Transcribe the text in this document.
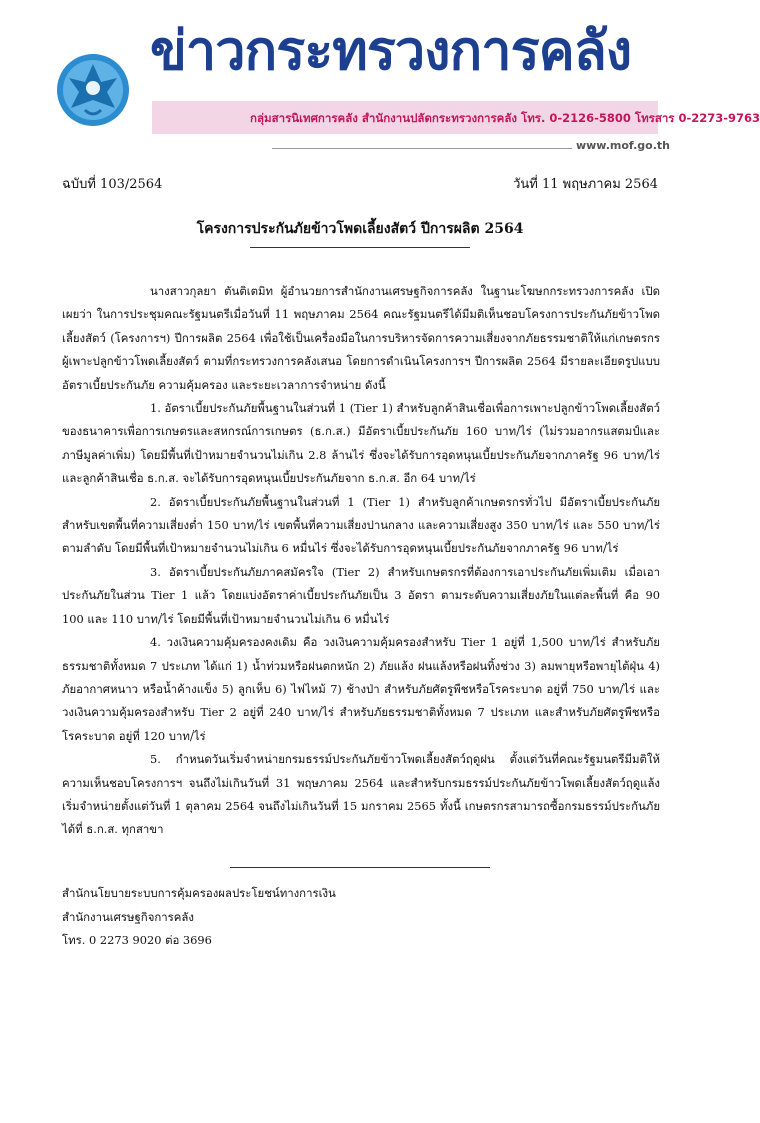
ข่าวกระทรวงการคลัง
กลุ่มสารนิเทศการคลัง สำนักงานปลัดกระทรวงการคลัง โทร. 0-2126-5800 โทรสาร 0-2273-9763
www.mof.go.th
ฉบับที่ 103/2564	วันที่ 11 พฤษภาคม 2564
โครงการประกันภัยข้าวโพดเลี้ยงสัตว์ ปีการผลิต 2564

นางสาวกุลยา ตันติเตมิท ผู้อำนวยการสำนักงานเศรษฐกิจการคลัง ในฐานะโฆษกกระทรวงการคลัง เปิดเผยว่า ในการประชุมคณะรัฐมนตรีเมื่อวันที่ 11 พฤษภาคม 2564 คณะรัฐมนตรีได้มีมติเห็นชอบโครงการประกันภัยข้าวโพดเลี้ยงสัตว์ (โครงการฯ) ปีการผลิต 2564 เพื่อใช้เป็นเครื่องมือในการบริหารจัดการความเสี่ยงจากภัยธรรมชาติให้แก่เกษตรกรผู้เพาะปลูกข้าวโพดเลี้ยงสัตว์ ตามที่กระทรวงการคลังเสนอ โดยการดำเนินโครงการฯ ปีการผลิต 2564 มีรายละเอียดรูปแบบ อัตราเบี้ยประกันภัย ความคุ้มครอง และระยะเวลาการจำหน่าย ดังนี้

1. อัตราเบี้ยประกันภัยพื้นฐานในส่วนที่ 1 (Tier 1) สำหรับลูกค้าสินเชื่อเพื่อการเพาะปลูกข้าวโพดเลี้ยงสัตว์ของธนาคารเพื่อการเกษตรและสหกรณ์การเกษตร (ธ.ก.ส.) มีอัตราเบี้ยประกันภัย 160 บาท/ไร่ (ไม่รวมอากรแสตมป์และภาษีมูลค่าเพิ่ม) โดยมีพื้นที่เป้าหมายจำนวนไม่เกิน 2.8 ล้านไร่ ซึ่งจะได้รับการอุดหนุนเบี้ยประกันภัยจากภาครัฐ 96 บาท/ไร่ และลูกค้าสินเชื่อ ธ.ก.ส. จะได้รับการอุดหนุนเบี้ยประกันภัยจาก ธ.ก.ส. อีก 64 บาท/ไร่

2. อัตราเบี้ยประกันภัยพื้นฐานในส่วนที่ 1 (Tier 1) สำหรับลูกค้าเกษตรกรทั่วไป มีอัตราเบี้ยประกันภัยสำหรับเขตพื้นที่ความเสี่ยงต่ำ 150 บาท/ไร่ เขตพื้นที่ความเสี่ยงปานกลาง และความเสี่ยงสูง 350 บาท/ไร่ และ 550 บาท/ไร่ ตามลำดับ โดยมีพื้นที่เป้าหมายจำนวนไม่เกิน 6 หมื่นไร่ ซึ่งจะได้รับการอุดหนุนเบี้ยประกันภัยจากภาครัฐ 96 บาท/ไร่

3. อัตราเบี้ยประกันภัยภาคสมัครใจ (Tier 2) สำหรับเกษตรกรที่ต้องการเอาประกันภัยเพิ่มเติม เมื่อเอาประกันภัยในส่วน Tier 1 แล้ว โดยแบ่งอัตราค่าเบี้ยประกันภัยเป็น 3 อัตรา ตามระดับความเสี่ยงภัยในแต่ละพื้นที่ คือ 90 100 และ 110 บาท/ไร่ โดยมีพื้นที่เป้าหมายจำนวนไม่เกิน 6 หมื่นไร่

4. วงเงินความคุ้มครองคงเดิม คือ วงเงินความคุ้มครองสำหรับ Tier 1 อยู่ที่ 1,500 บาท/ไร่ สำหรับภัยธรรมชาติทั้งหมด 7 ประเภท ได้แก่ 1) น้ำท่วมหรือฝนตกหนัก 2) ภัยแล้ง ฝนแล้งหรือฝนทิ้งช่วง 3) ลมพายุหรือพายุไต้ฝุ่น 4) ภัยอากาศหนาว หรือน้ำค้างแข็ง 5) ลูกเห็บ 6) ไฟไหม้ 7) ช้างป่า สำหรับภัยศัตรูพืชหรือโรคระบาด อยู่ที่ 750 บาท/ไร่ และวงเงินความคุ้มครองสำหรับ Tier 2 อยู่ที่ 240 บาท/ไร่ สำหรับภัยธรรมชาติทั้งหมด 7 ประเภท และสำหรับภัยศัตรูพืชหรือโรคระบาด อยู่ที่ 120 บาท/ไร่

5. กำหนดวันเริ่มจำหน่ายกรมธรรม์ประกันภัยข้าวโพดเลี้ยงสัตว์ฤดูฝน ตั้งแต่วันที่คณะรัฐมนตรีมีมติให้ความเห็นชอบโครงการฯ จนถึงไม่เกินวันที่ 31 พฤษภาคม 2564 และสำหรับกรมธรรม์ประกันภัยข้าวโพดเลี้ยงสัตว์ฤดูแล้ง เริ่มจำหน่ายตั้งแต่วันที่ 1 ตุลาคม 2564 จนถึงไม่เกินวันที่ 15 มกราคม 2565 ทั้งนี้ เกษตรกรสามารถซื้อกรมธรรม์ประกันภัยได้ที่ ธ.ก.ส. ทุกสาขา

สำนักนโยบายระบบการคุ้มครองผลประโยชน์ทางการเงิน
สำนักงานเศรษฐกิจการคลัง
โทร. 0 2273 9020 ต่อ 3696
